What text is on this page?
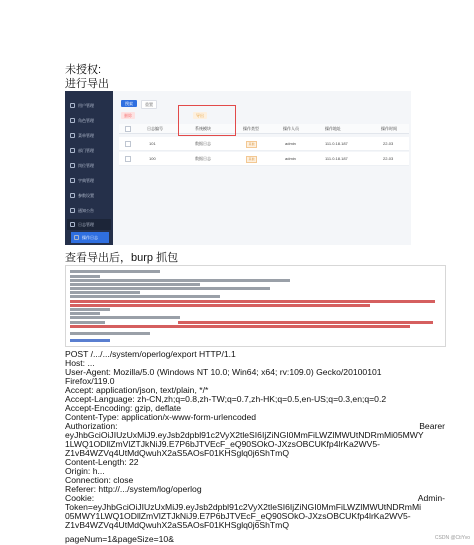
未授权:
进行导出
用户管理
角色管理
菜单管理
部门管理
岗位管理
字典管理
参数设置
通知公告
日志管理
操作日志
搜索	重置
删除	导出
日志编号	系统模块	操作类型	操作人员	操作地址	操作时间
101	数据日志	其他	admin	111.0.18.187	22-03
100	数据日志	其他	admin	111.0.18.187	22-03
查看导出后，burp 抓包
POST /.../.../system/operlog/export HTTP/1.1
Host: ...
User-Agent: Mozilla/5.0 (Windows NT 10.0; Win64; x64; rv:109.0) Gecko/20100101
Firefox/119.0
Accept: application/json, text/plain, */*
Accept-Language: zh-CN,zh;q=0.8,zh-TW;q=0.7,zh-HK;q=0.5,en-US;q=0.3,en;q=0.2
Accept-Encoding: gzip, deflate
Content-Type: application/x-www-form-urlencoded
Authorization:	Bearer
eyJhbGciOiJIUzUxMiJ9.eyJsb2dpbl91c2VyX2tleSI6IjZiNGI0MmFiLWZlMWUtNDRmMi05MWY
1LWQ1ODllZmVlZTJkNiJ9.E7P6bJTVEcF_eQ90SOkO-JXzsOBCUKfp4lrKa2WV5-
Z1vB4WZVq4UtMdQwuhX2aS5AOsF01KHSglq0j6ShTmQ
Content-Length: 22
Origin: h...
Connection: close
Referer: http://.../system/log/operlog
Cookie:	Admin-
Token=eyJhbGciOiJIUzUxMiJ9.eyJsb2dpbl91c2VyX2tleSI6IjZiNGI0MmFiLWZlMWUtNDRmMi
05MWY1LWQ1ODllZmVlZTJkNiJ9.E7P6bJTVEcF_eQ90SOkO-JXzsOBCUKfp4lrKa2WV5-
Z1vB4WZVq4UtMdQwuhX2aS5AOsF01KHSglq0j6ShTmQ
pageNum=1&pageSize=10&	CSDN @CtiYvo
